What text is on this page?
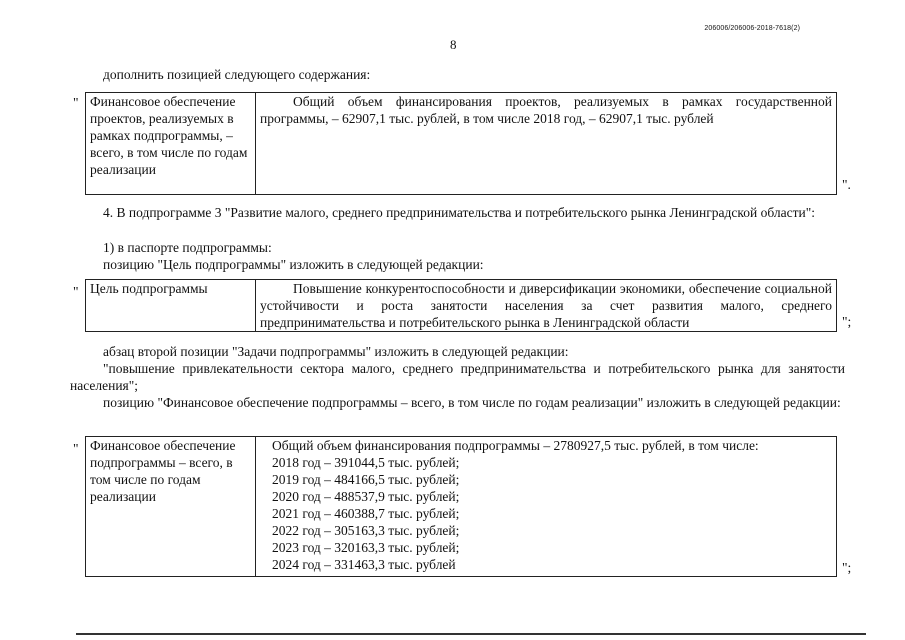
206006/206006-2018-7618(2)
8
дополнить позицией следующего содержания:
" Финансовое обеспечение проектов, реализуемых в рамках подпрограммы, – всего, в том числе по годам реализации	Общий объем финансирования проектов, реализуемых в рамках государственной программы, – 62907,1 тыс. рублей, в том числе 2018 год, – 62907,1 тыс. рублей
".
4. В подпрограмме 3 "Развитие малого, среднего предпринимательства и потребительского рынка Ленинградской области":
1) в паспорте подпрограммы:
позицию "Цель подпрограммы" изложить в следующей редакции:
" Цель подпрограммы	Повышение конкурентоспособности и диверсификации экономики, обеспечение социальной устойчивости и роста занятости населения за счет развития малого, среднего предпринимательства и потребительского рынка в Ленинградской области	";
абзац второй позиции "Задачи подпрограммы" изложить в следующей редакции:
"повышение привлекательности сектора малого, среднего предпринимательства и потребительского рынка для занятости населения";
позицию "Финансовое обеспечение подпрограммы – всего, в том числе по годам реализации" изложить в следующей редакции:
" Финансовое обеспечение подпрограммы – всего, в том числе по годам реализации	
Общий объем финансирования подпрограммы – 2780927,5 тыс. рублей, в том числе:
2018 год – 391044,5 тыс. рублей;
2019 год – 484166,5 тыс. рублей;
2020 год – 488537,9 тыс. рублей;
2021 год – 460388,7 тыс. рублей;
2022 год – 305163,3 тыс. рублей;
2023 год – 320163,3 тыс. рублей;
2024 год – 331463,3 тыс. рублей	";
